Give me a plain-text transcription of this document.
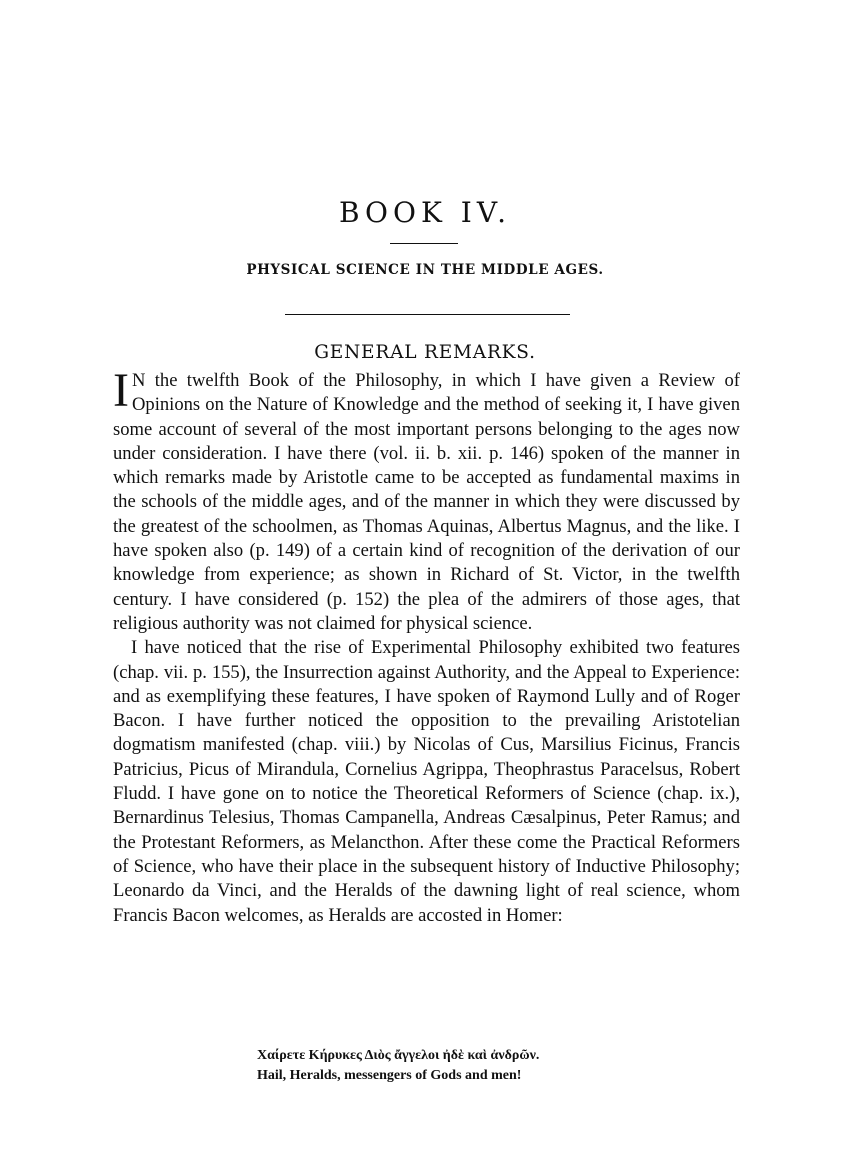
BOOK IV.
PHYSICAL SCIENCE IN THE MIDDLE AGES.
GENERAL REMARKS.

I N the twelfth Book of the Philosophy, in which I have given a Review of Opinions on the Nature of Knowledge and the method of seeking it, I have given some account of several of the most important persons belonging to the ages now under consideration. I have there (vol. ii. b. xii. p. 146) spoken of the manner in which remarks made by Aristotle came to be accepted as fundamental maxims in the schools of the middle ages, and of the manner in which they were discussed by the greatest of the schoolmen, as Thomas Aquinas, Albertus Magnus, and the like. I have spoken also (p. 149) of a certain kind of recognition of the derivation of our knowledge from experience; as shown in Richard of St. Victor, in the twelfth century. I have considered (p. 152) the plea of the admirers of those ages, that religious authority was not claimed for physical science.

I have noticed that the rise of Experimental Philosophy exhibited two features (chap. vii. p. 155), the Insurrection against Authority, and the Appeal to Experience: and as exemplifying these features, I have spoken of Raymond Lully and of Roger Bacon. I have further noticed the opposition to the prevailing Aristotelian dogmatism manifested (chap. viii.) by Nicolas of Cus, Marsilius Ficinus, Francis Patricius, Picus of Mirandula, Cornelius Agrippa, Theophrastus Paracelsus, Robert Fludd. I have gone on to notice the Theoretical Reformers of Science (chap. ix.), Bernardinus Telesius, Thomas Campanella, Andreas Cæsalpinus, Peter Ramus; and the Protestant Reformers, as Melancthon. After these come the Practical Reformers of Science, who have their place in the subsequent history of Inductive Philosophy; Leonardo da Vinci, and the Heralds of the dawning light of real science, whom Francis Bacon welcomes, as Heralds are accosted in Homer:

Χαίρετε Κήρυκες Διὸς ἄγγελοι ἠδὲ καὶ ἀνδρῶν.
Hail, Heralds, messengers of Gods and men!
